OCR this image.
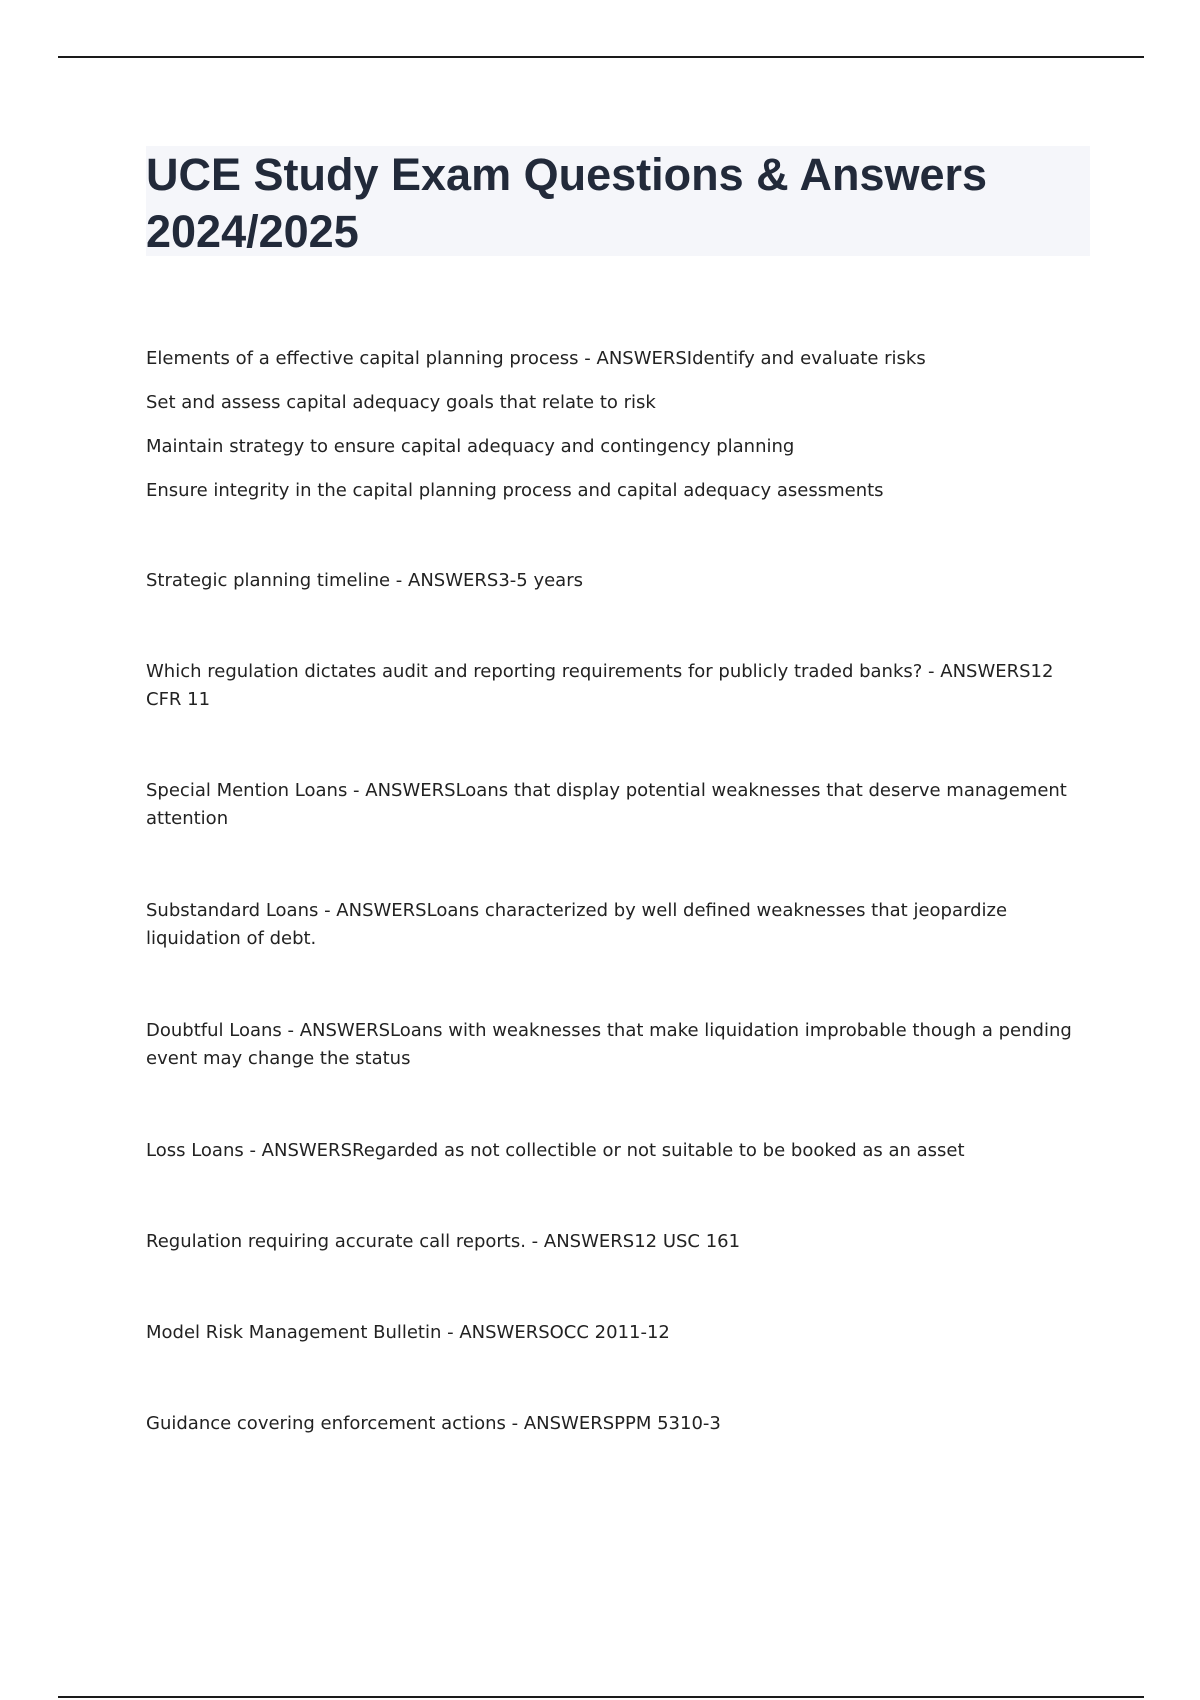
UCE Study Exam Questions & Answers 2024/2025

Elements of a effective capital planning process - ANSWERSIdentify and evaluate risks

Set and assess capital adequacy goals that relate to risk

Maintain strategy to ensure capital adequacy and contingency planning

Ensure integrity in the capital planning process and capital adequacy asessments

Strategic planning timeline - ANSWERS3-5 years

Which regulation dictates audit and reporting requirements for publicly traded banks? - ANSWERS12 CFR 11

Special Mention Loans - ANSWERSLoans that display potential weaknesses that deserve management attention

Substandard Loans - ANSWERSLoans characterized by well defined weaknesses that jeopardize liquidation of debt.

Doubtful Loans - ANSWERSLoans with weaknesses that make liquidation improbable though a pending event may change the status

Loss Loans - ANSWERSRegarded as not collectible or not suitable to be booked as an asset

Regulation requiring accurate call reports. - ANSWERS12 USC 161

Model Risk Management Bulletin - ANSWERSOCC 2011-12

Guidance covering enforcement actions - ANSWERSPPM 5310-3
